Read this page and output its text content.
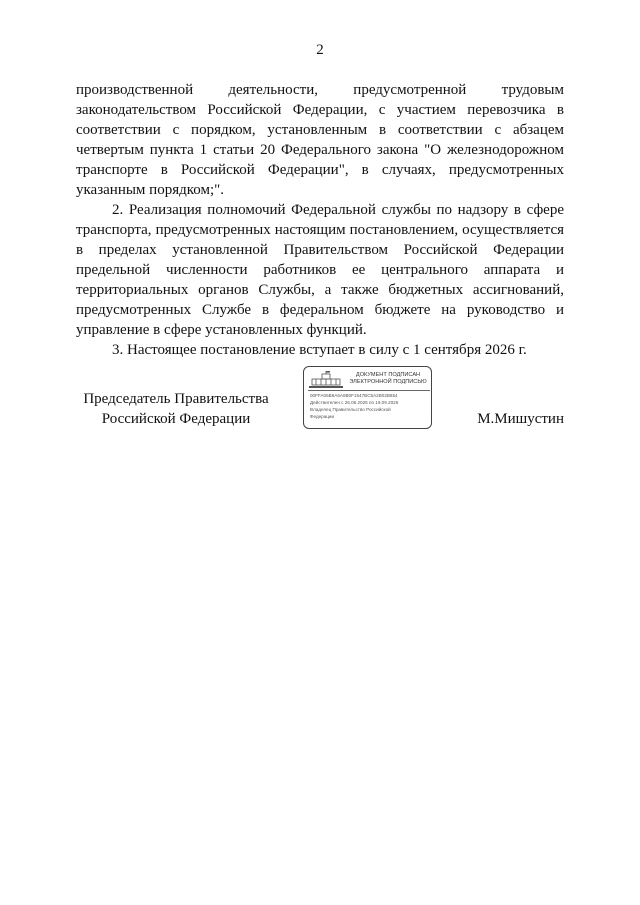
2

производственной деятельности, предусмотренной трудовым законодательством Российской Федерации, с участием перевозчика в соответствии с порядком, установленным в соответствии с абзацем четвертым пункта 1 статьи 20 Федерального закона "О железнодорожном транспорте в Российской Федерации", в случаях, предусмотренных указанным порядком;".

2. Реализация полномочий Федеральной службы по надзору в сфере транспорта, предусмотренных настоящим постановлением, осуществляется в пределах установленной Правительством Российской Федерации предельной численности работников ее центрального аппарата и территориальных органов Службы, а также бюджетных ассигнований, предусмотренных Службе в федеральном бюджете на руководство и управление в сфере установленных функций.

3. Настоящее постановление вступает в силу с 1 сентября 2026 г.

Председатель Правительства
Российской Федерации
ДОКУМЕНТ ПОДПИСАН
ЭЛЕКТРОННОЙ ПОДПИСЬЮ
00FFA06B8A5A6B0F1547BC5A2B02B654
Действителен с 26.06.2025 по 19.09.2026
Владелец Правительство Российской
Федерации	М.Мишустин
